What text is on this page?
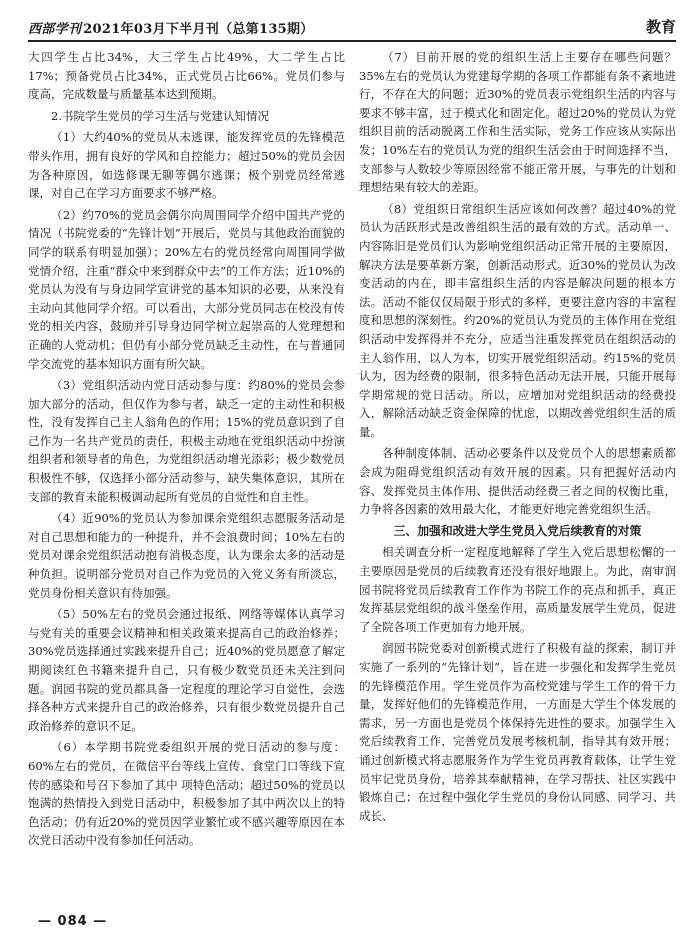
西部学刊 2021年03月下半月刊（总第135期）	教育

大四学生占比34%，大三学生占比49%，大二学生占比17%；预备党员占比34%，正式党员占比66%。党员们参与度高，完成数量与质量基本达到预期。

2.书院学生党员的学习生活与党建认知情况

（1）大约40%的党员从未逃课，能发挥党员的先锋模范带头作用，拥有良好的学风和自控能力；超过50%的党员会因为各种原因，如选修课无聊等偶尔逃课；极个别党员经常逃课，对自己在学习方面要求不够严格。

（2）约70%的党员会偶尔向周围同学介绍中国共产党的情况（书院党委的“先锋计划”开展后，党员与其他政治面貌的同学的联系有明显加强）；20%左右的党员经常向周围同学做党情介绍，注重“群众中来到群众中去”的工作方法；近10%的党员认为没有与身边同学宣讲党的基本知识的必要，从来没有主动向其他同学介绍。可以看出，大部分党员同志在校没有传党的相关内容，鼓励并引导身边同学树立起崇高的人党理想和正确的人党动机；但仍有小部分党员缺乏主动性，在与普通同学交流党的基本知识方面有所欠缺。

（3）党组织活动内党日活动参与度：约80%的党员会参加大部分的活动，但仅作为参与者，缺乏一定的主动性和积极性，没有发挥自己主人翁角色的作用；15%的党员意识到了自己作为一名共产党员的责任，积极主动地在党组织活动中扮演组织者和领导者的角色，为党组织活动增光添彩；极少数党员积极性不够，仅选择小部分活动参与，缺失集体意识，其所在支部的教育未能积极调动起所有党员的自觉性和自主性。

（4）近90%的党员认为参加课余党组织志愿服务活动是对自己思想和能力的一种提升，并不会浪费时间；10%左右的党员对课余党组织活动抱有消极态度，认为课余太多的活动是种负担。说明部分党员对自己作为党员的入党义务有所淡忘，党员身份相关意识有待加强。

（5）50%左右的党员会通过报纸、网络等媒体认真学习与党有关的重要会议精神和相关政策来提高自己的政治修养；30%党员选择通过实践来提升自己；近40%的党员愿意了解定期阅读红色书籍来提升自己，只有极少数党员还未关注到问题。润园书院的党员都具备一定程度的理论学习自觉性，会选择各种方式来提升自己的政治修养，只有很少数党员提升自己政治修养的意识不足。

（6）本学期书院党委组织开展的党日活动的参与度：60%左右的党员，在微信平台等线上宣传、食堂门口等线下宣传的感染和号召下参加了其中 项特色活动；超过50%的党员以饱满的热情投入到党日活动中，积极参加了其中两次以上的特色活动；仍有近20%的党员因学业繁忙或不感兴趣等原因在本次党日活动中没有参加任何活动。

（7）目前开展的党的组织生活上主要存在哪些问题？35%左右的党员认为党建每学期的各项工作都能有条不紊地进行，不存在大的问题；近30%的党员表示党组织生活的内容与要求不够丰富，过于模式化和固定化。超过20%的党员认为党组织目前的活动脱离工作和生活实际，党务工作应该从实际出发；10%左右的党员认为党的组织生活会由于时间选择不当，支部参与人数较少等原因经常不能正常开展，与事先的计划和理想结果有较大的差距。

（8）党组织日常组织生活应该如何改善？超过40%的党员认为活跃形式是改善组织生活的最有效的方式。活动单一、内容陈旧是党员们认为影响党组织活动正常开展的主要原因，解决方法是要革新方案，创新活动形式。近30%的党员认为改变活动的内在，即丰富组织生活的内容是解决问题的根本方法。活动不能仅仅局限于形式的多样，更要注意内容的丰富程度和思想的深刻性。约20%的党员认为党员的主体作用在党组织活动中发挥得并不充分，应适当注重发挥党员在组织活动的主人翁作用，以人为本，切实开展党组织活动。约15%的党员认为，因为经费的限制，很多特色活动无法开展，只能开展每学期常规的党日活动。所以，应增加对党组织活动的经费投入，解除活动缺乏资金保障的忧虑，以期改善党组织生活的质量。

各种制度体制、活动必要条件以及党员个人的思想素质都会成为阻碍党组织活动有效开展的因素。只有把握好活动内容、发挥党员主体作用、提供活动经费三者之间的权衡比重，力争将各因素的效用最大化，才能更好地完善党组织生活。

三、加强和改进大学生党员入党后续教育的对策

相关调查分析一定程度地解释了学生入党后思想松懈的一主要原因是党员的后续教育还没有很好地跟上。为此，南审润园书院将党员后续教育工作作为书院工作的亮点和抓手，真正发挥基层党组织的战斗堡垒作用，高质量发展学生党员，促进了全院各项工作更加有力地开展。

润园书院党委对创新模式进行了积极有益的探索，制订并实施了一系列的“先锋计划”，旨在进一步强化和发挥学生党员的先锋模范作用。学生党员作为高校党建与学生工作的骨干力量，发挥好他们的先锋模范作用，一方面是大学生个体发展的需求，另一方面也是党员个体保持先进性的要求。加强学生入党后续教育工作，完善党员发展考核机制，指导其有效开展；诵过创新模式将志愿服务作为学生党员再教育载体，让学生党员牢记党员身份，培养其奉献精神，在学习帮扶、社区实践中锻炼自己；在过程中强化学生党员的身份认同感、同学习、共成长、

— 084 —
